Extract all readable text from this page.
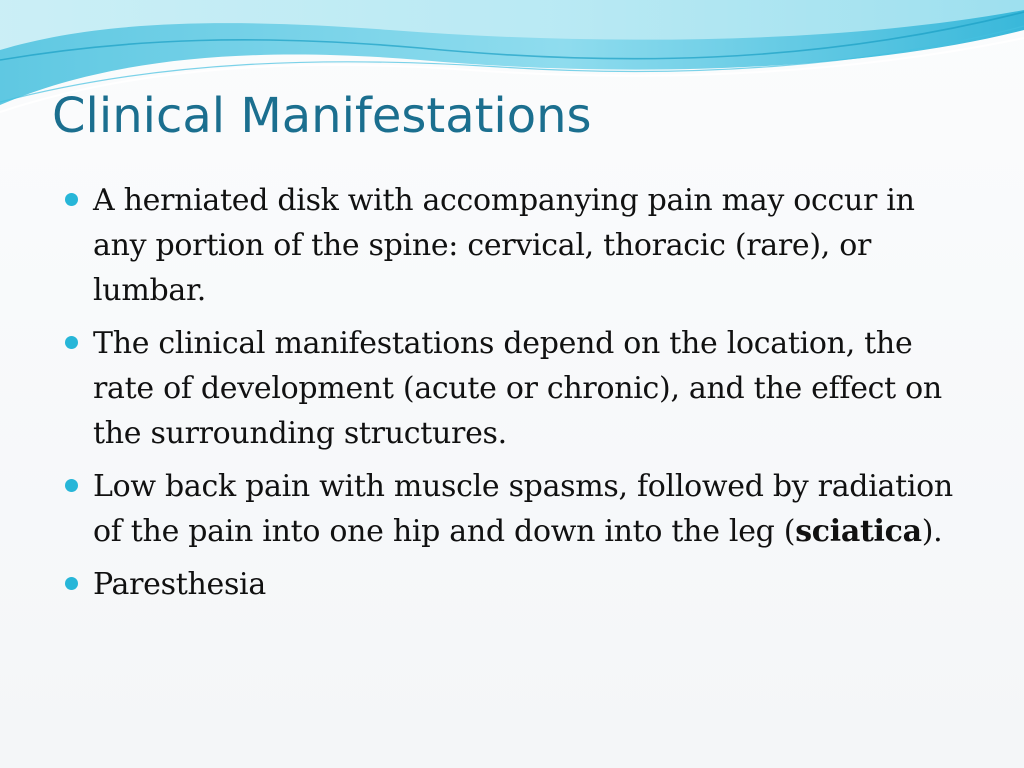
Clinical Manifestations
A herniated disk with accompanying pain may occur in any portion of the spine: cervical, thoracic (rare), or lumbar.
The clinical manifestations depend on the location, the rate of development (acute or chronic), and the effect on the surrounding structures.
Low back pain with muscle spasms, followed by radiation of the pain into one hip and down into the leg (sciatica).
Paresthesia
